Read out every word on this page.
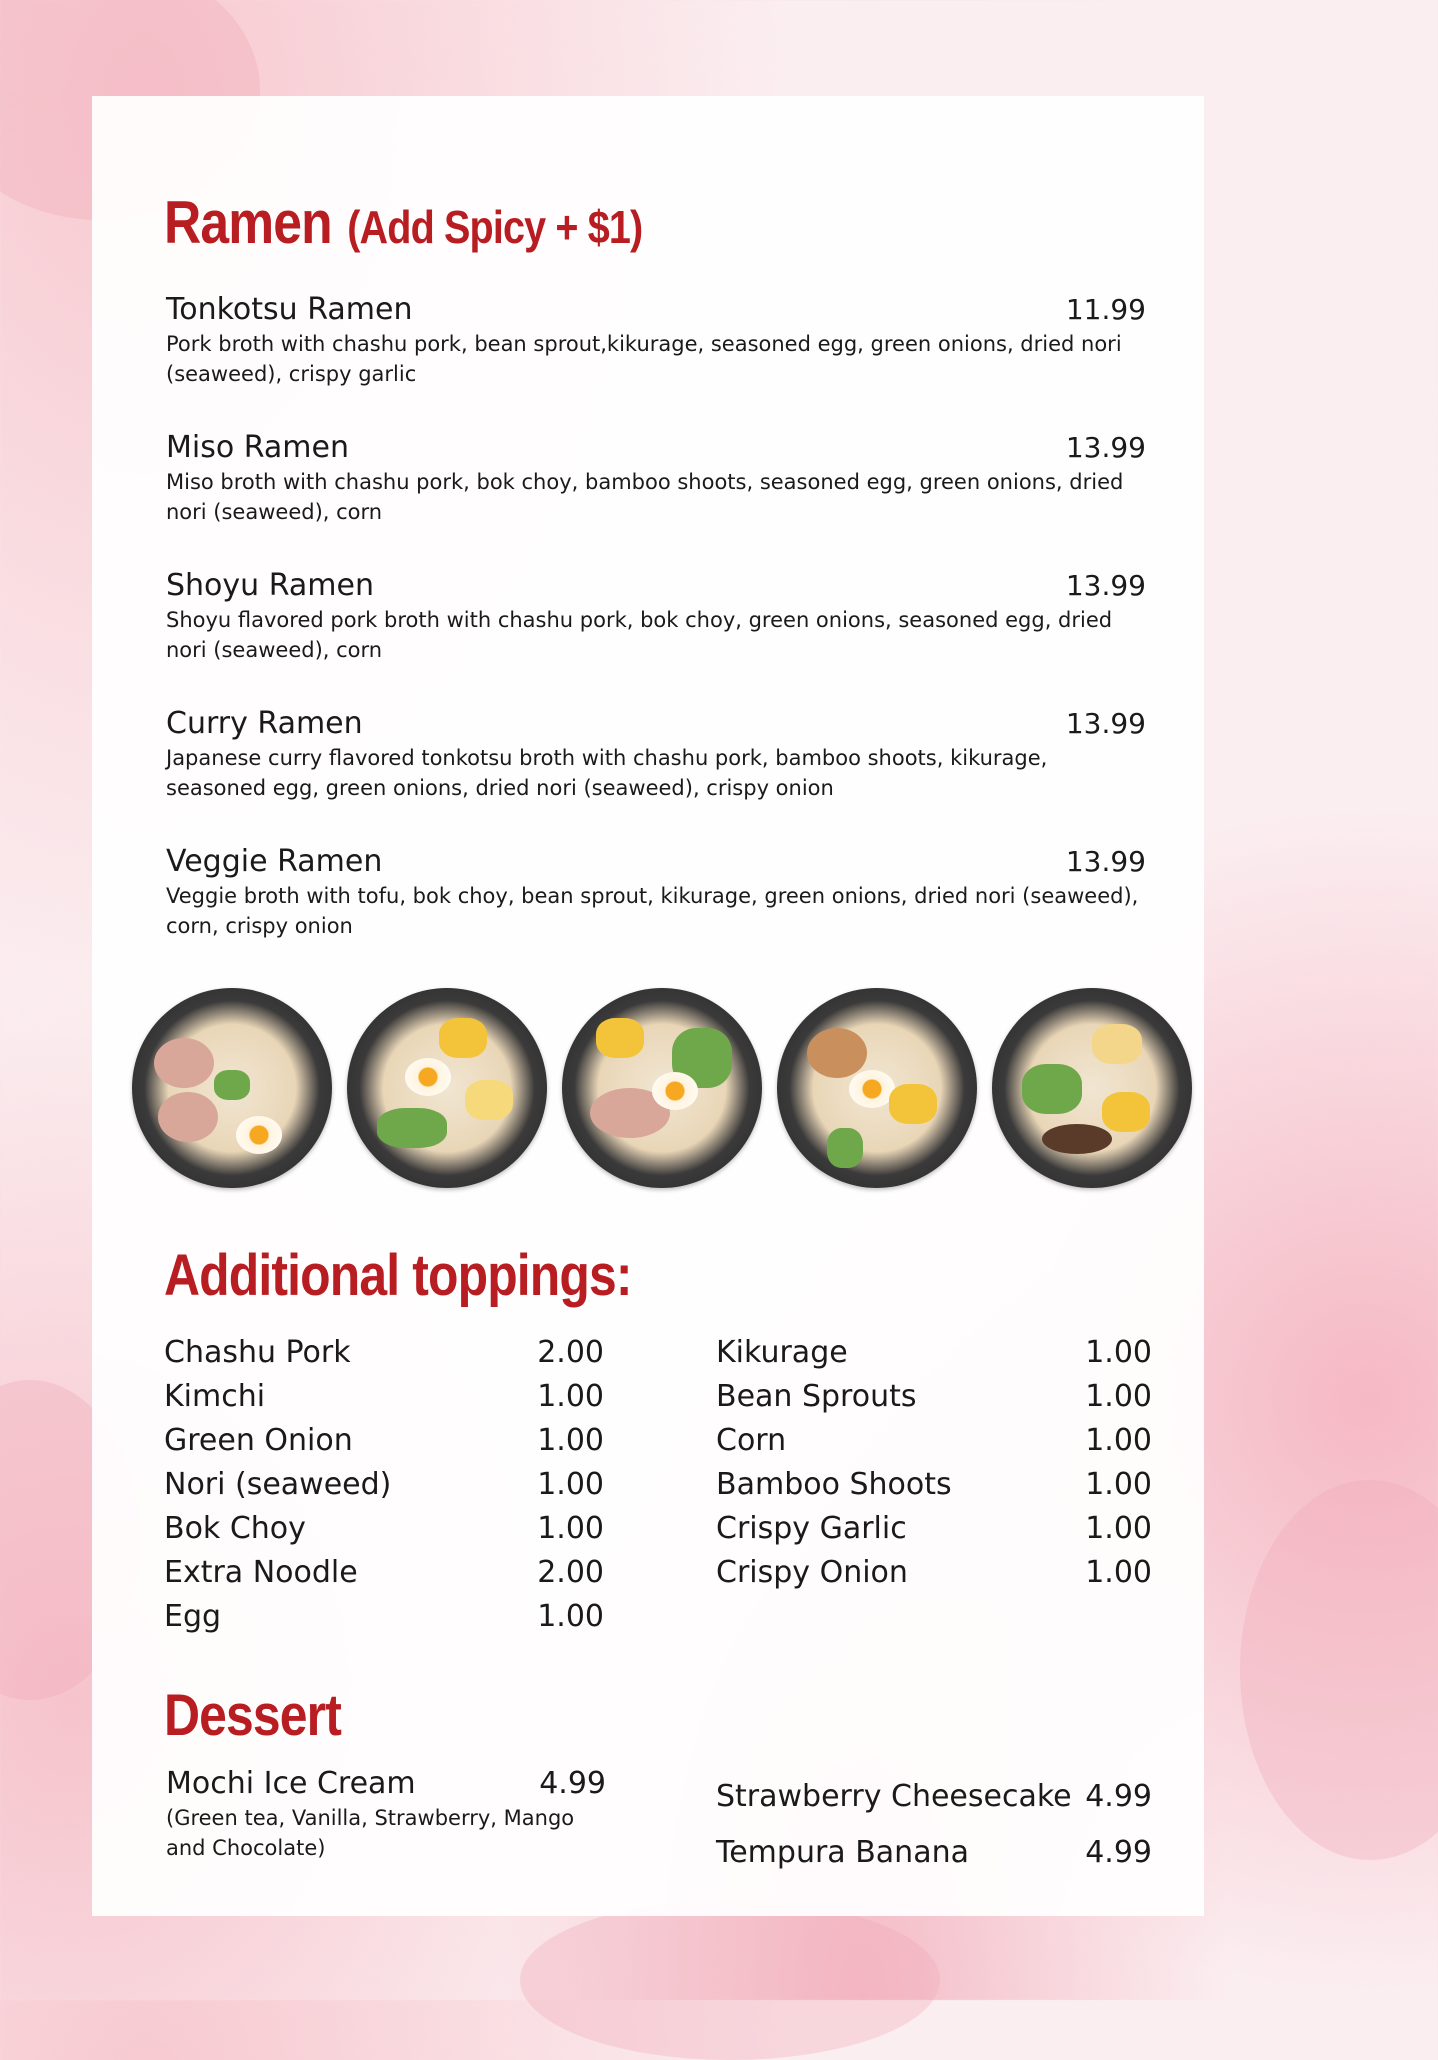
Ramen (Add Spicy + $1)
Tonkotsu Ramen	11.99
Pork broth with chashu pork, bean sprout,kikurage, seasoned egg, green onions, dried nori (seaweed), crispy garlic
Miso Ramen	13.99
Miso broth with chashu pork, bok choy, bamboo shoots, seasoned egg, green onions, dried nori (seaweed), corn
Shoyu Ramen	13.99
Shoyu flavored pork broth with chashu pork, bok choy, green onions, seasoned egg, dried nori (seaweed), corn
Curry Ramen	13.99
Japanese curry flavored tonkotsu broth with chashu pork, bamboo shoots, kikurage, seasoned egg, green onions, dried nori (seaweed), crispy onion
Veggie Ramen	13.99
Veggie broth with tofu, bok choy, bean sprout, kikurage, green onions, dried nori (seaweed), corn, crispy onion
Additional toppings:
Chashu Pork	2.00
Kimchi	1.00
Green Onion	1.00
Nori (seaweed)	1.00
Bok Choy	1.00
Extra Noodle	2.00
Egg	1.00
Kikurage	1.00
Bean Sprouts	1.00
Corn	1.00
Bamboo Shoots	1.00
Crispy Garlic	1.00
Crispy Onion	1.00
Dessert
Mochi Ice Cream	4.99
(Green tea, Vanilla, Strawberry, Mango and Chocolate)
Strawberry Cheesecake 4.99
Tempura Banana	4.99
